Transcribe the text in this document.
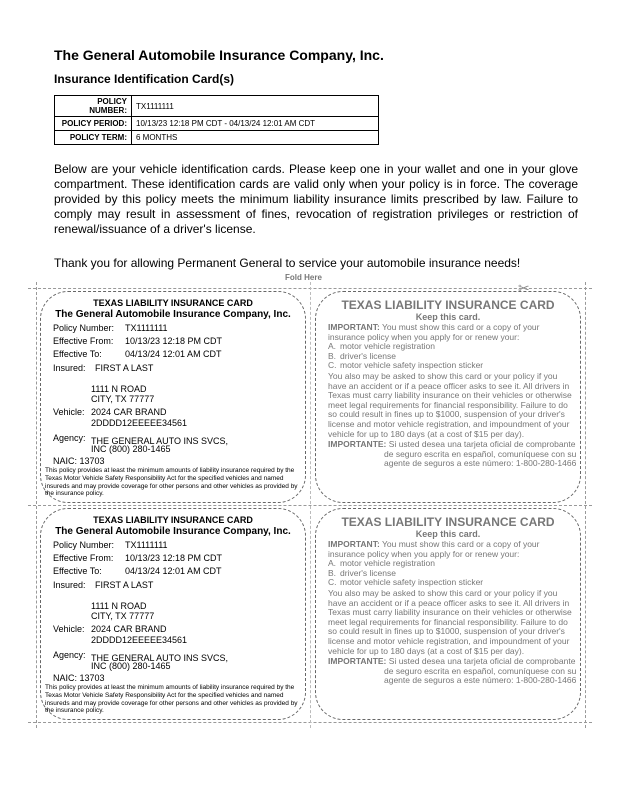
The General Automobile Insurance Company, Inc.
Insurance Identification Card(s)
POLICY NUMBER:	TX1111111
POLICY PERIOD:	10/13/23 12:18 PM CDT - 04/13/24 12:01 AM CDT
POLICY TERM:	6 MONTHS
Below are your vehicle identification cards. Please keep one in your wallet and one in your glove compartment. These identification cards are valid only when your policy is in force. The coverage provided by this policy meets the minimum liability insurance limits prescribed by law. Failure to comply may result in assessment of fines, revocation of registration privileges or restriction of renewal/issuance of a driver's license.
Thank you for allowing Permanent General to service your automobile insurance needs!
Fold Here
✂
TEXAS LIABILITY INSURANCE CARD
The General Automobile Insurance Company, Inc.
Policy Number: TX1111111
Effective From: 10/13/23 12:18 PM CDT
Effective To:	04/13/24 12:01 AM CDT
Insured: FIRST A LAST
1111 N ROAD
CITY, TX 77777
Vehicle: 2024 CAR BRAND
2DDDD12EEEEE34561
Agency: THE GENERAL AUTO INS SVCS,
INC (800) 280-1465
NAIC: 13703
This policy provides at least the minimum amounts of liability insurance required by the Texas Motor Vehicle Safety Responsibility Act for the specified vehicles and named insureds and may provide coverage for other persons and other vehicles as provided by the insurance policy.
TEXAS LIABILITY INSURANCE CARD
Keep this card.
IMPORTANT: You must show this card or a copy of your insurance policy when you apply for or renew your:
A. motor vehicle registration
B. driver's license
C. motor vehicle safety inspection sticker
You also may be asked to show this card or your policy if you have an accident or if a peace officer asks to see it. All drivers in Texas must carry liability insurance on their vehicles or otherwise meet legal requirements for financial responsibility. Failure to do so could result in fines up to $1000, suspension of your driver's license and motor vehicle registration, and impoundment of your vehicle for up to 180 days (at a cost of $15 per day).
IMPORTANTE: Si usted desea una tarjeta oficial de comprobante de seguro escrita en español, comuníquese con su agente de seguros a este número: 1-800-280-1466
TEXAS LIABILITY INSURANCE CARD
The General Automobile Insurance Company, Inc.
Policy Number: TX1111111
Effective From: 10/13/23 12:18 PM CDT
Effective To:	04/13/24 12:01 AM CDT
Insured: FIRST A LAST
1111 N ROAD
CITY, TX 77777
Vehicle: 2024 CAR BRAND
2DDDD12EEEEE34561
Agency: THE GENERAL AUTO INS SVCS,
INC (800) 280-1465
NAIC: 13703
This policy provides at least the minimum amounts of liability insurance required by the Texas Motor Vehicle Safety Responsibility Act for the specified vehicles and named insureds and may provide coverage for other persons and other vehicles as provided by the insurance policy.
TEXAS LIABILITY INSURANCE CARD
Keep this card.
IMPORTANT: You must show this card or a copy of your insurance policy when you apply for or renew your:
A. motor vehicle registration
B. driver's license
C. motor vehicle safety inspection sticker
You also may be asked to show this card or your policy if you have an accident or if a peace officer asks to see it. All drivers in Texas must carry liability insurance on their vehicles or otherwise meet legal requirements for financial responsibility. Failure to do so could result in fines up to $1000, suspension of your driver's license and motor vehicle registration, and impoundment of your vehicle for up to 180 days (at a cost of $15 per day).
IMPORTANTE: Si usted desea una tarjeta oficial de comprobante de seguro escrita en español, comuníquese con su agente de seguros a este número: 1-800-280-1466
